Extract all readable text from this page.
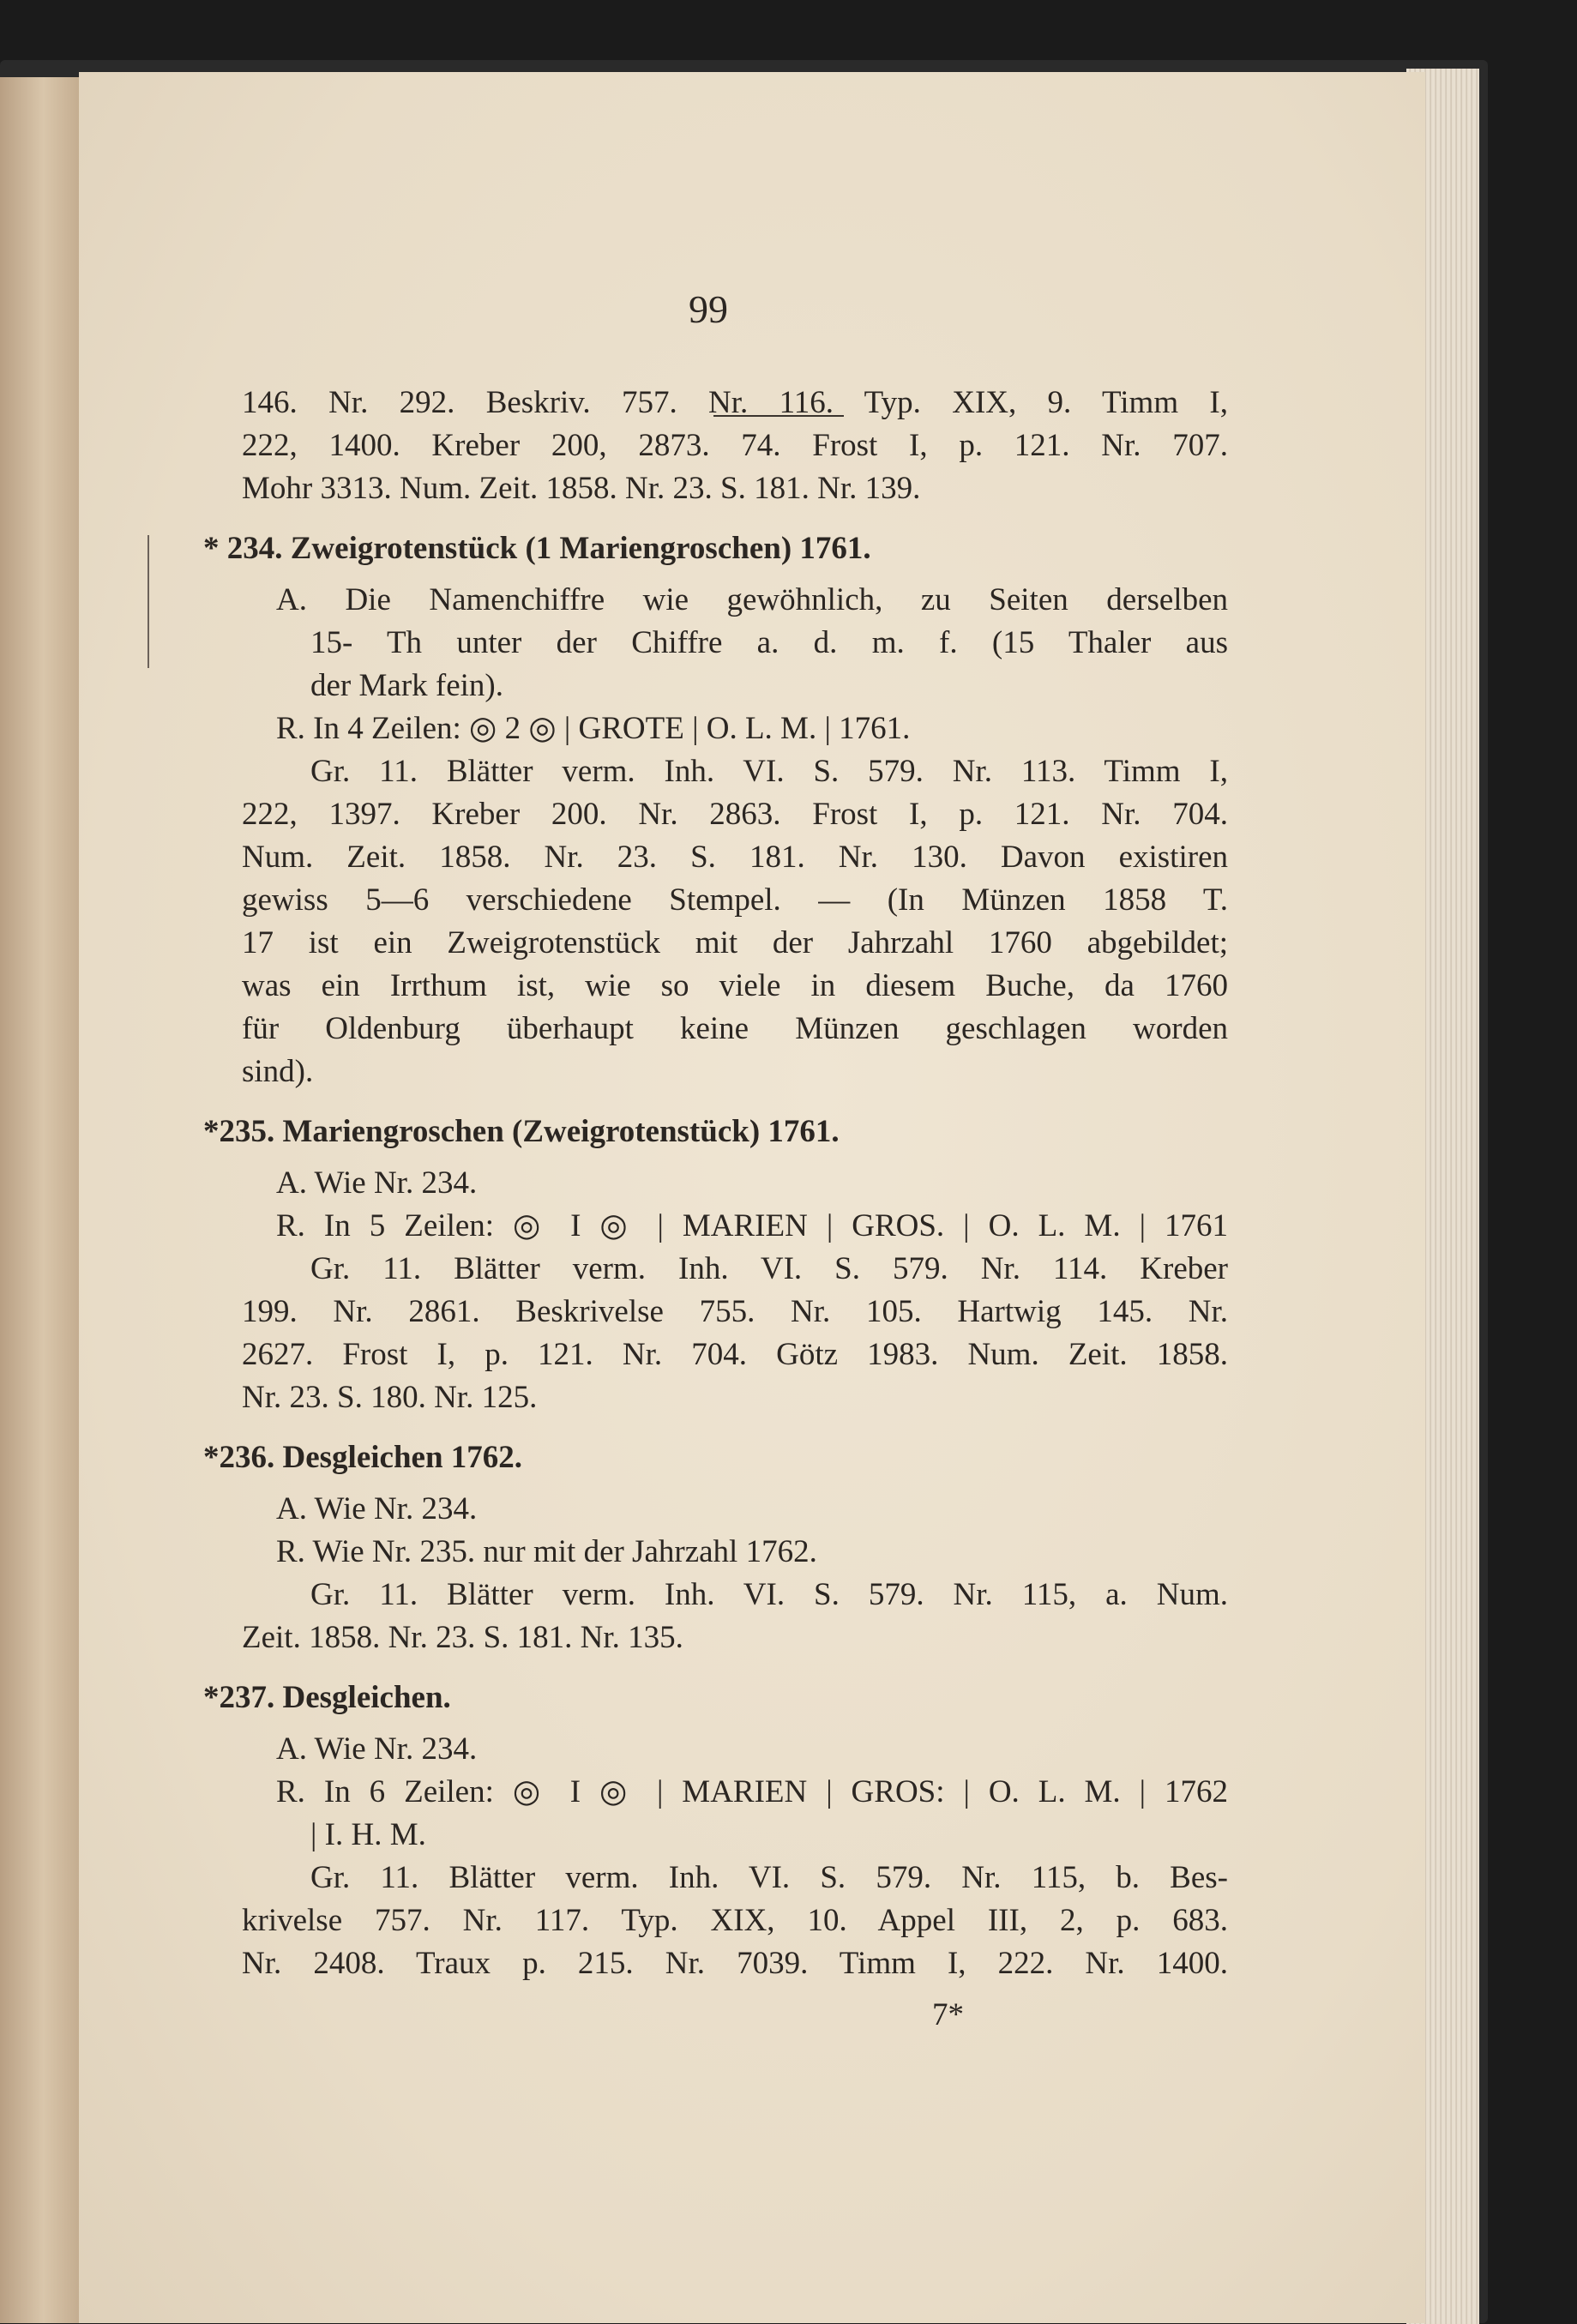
99
146. Nr. 292. Beskriv. 757. Nr. 116. Typ. XIX, 9. Timm I,
222, 1400. Kreber 200, 2873. 74. Frost I, p. 121. Nr. 707.
Mohr 3313. Num. Zeit. 1858. Nr. 23. S. 181. Nr. 139.
* 234. Zweigrotenstück (1 Mariengroschen) 1761.
A. Die Namenchiffre wie gewöhnlich, zu Seiten derselben
15- Th unter der Chiffre a. d. m. f. (15 Thaler aus
der Mark fein).
R. In 4 Zeilen: ◎ 2 ◎ | GROTE | O. L. M. | 1761.
Gr. 11. Blätter verm. Inh. VI. S. 579. Nr. 113. Timm I,
222, 1397. Kreber 200. Nr. 2863. Frost I, p. 121. Nr. 704.
Num. Zeit. 1858. Nr. 23. S. 181. Nr. 130. Davon existiren
gewiss 5—6 verschiedene Stempel. — (In Münzen 1858 T.
17 ist ein Zweigrotenstück mit der Jahrzahl 1760 abgebildet;
was ein Irrthum ist, wie so viele in diesem Buche, da 1760
für Oldenburg überhaupt keine Münzen geschlagen worden
sind).
*235. Mariengroschen (Zweigrotenstück) 1761.
A. Wie Nr. 234.
R. In 5 Zeilen: ◎ I ◎ | MARIEN | GROS. | O. L. M. | 1761
Gr. 11. Blätter verm. Inh. VI. S. 579. Nr. 114. Kreber
199. Nr. 2861. Beskrivelse 755. Nr. 105. Hartwig 145. Nr.
2627. Frost I, p. 121. Nr. 704. Götz 1983. Num. Zeit. 1858.
Nr. 23. S. 180. Nr. 125.
*236. Desgleichen 1762.
A. Wie Nr. 234.
R. Wie Nr. 235. nur mit der Jahrzahl 1762.
Gr. 11. Blätter verm. Inh. VI. S. 579. Nr. 115, a. Num.
Zeit. 1858. Nr. 23. S. 181. Nr. 135.
*237. Desgleichen.
A. Wie Nr. 234.
R. In 6 Zeilen: ◎ I ◎ | MARIEN | GROS: | O. L. M. | 1762
| I. H. M.
Gr. 11. Blätter verm. Inh. VI. S. 579. Nr. 115, b. Bes-
krivelse 757. Nr. 117. Typ. XIX, 10. Appel III, 2, p. 683.
Nr. 2408. Traux p. 215. Nr. 7039. Timm I, 222. Nr. 1400.
7*
